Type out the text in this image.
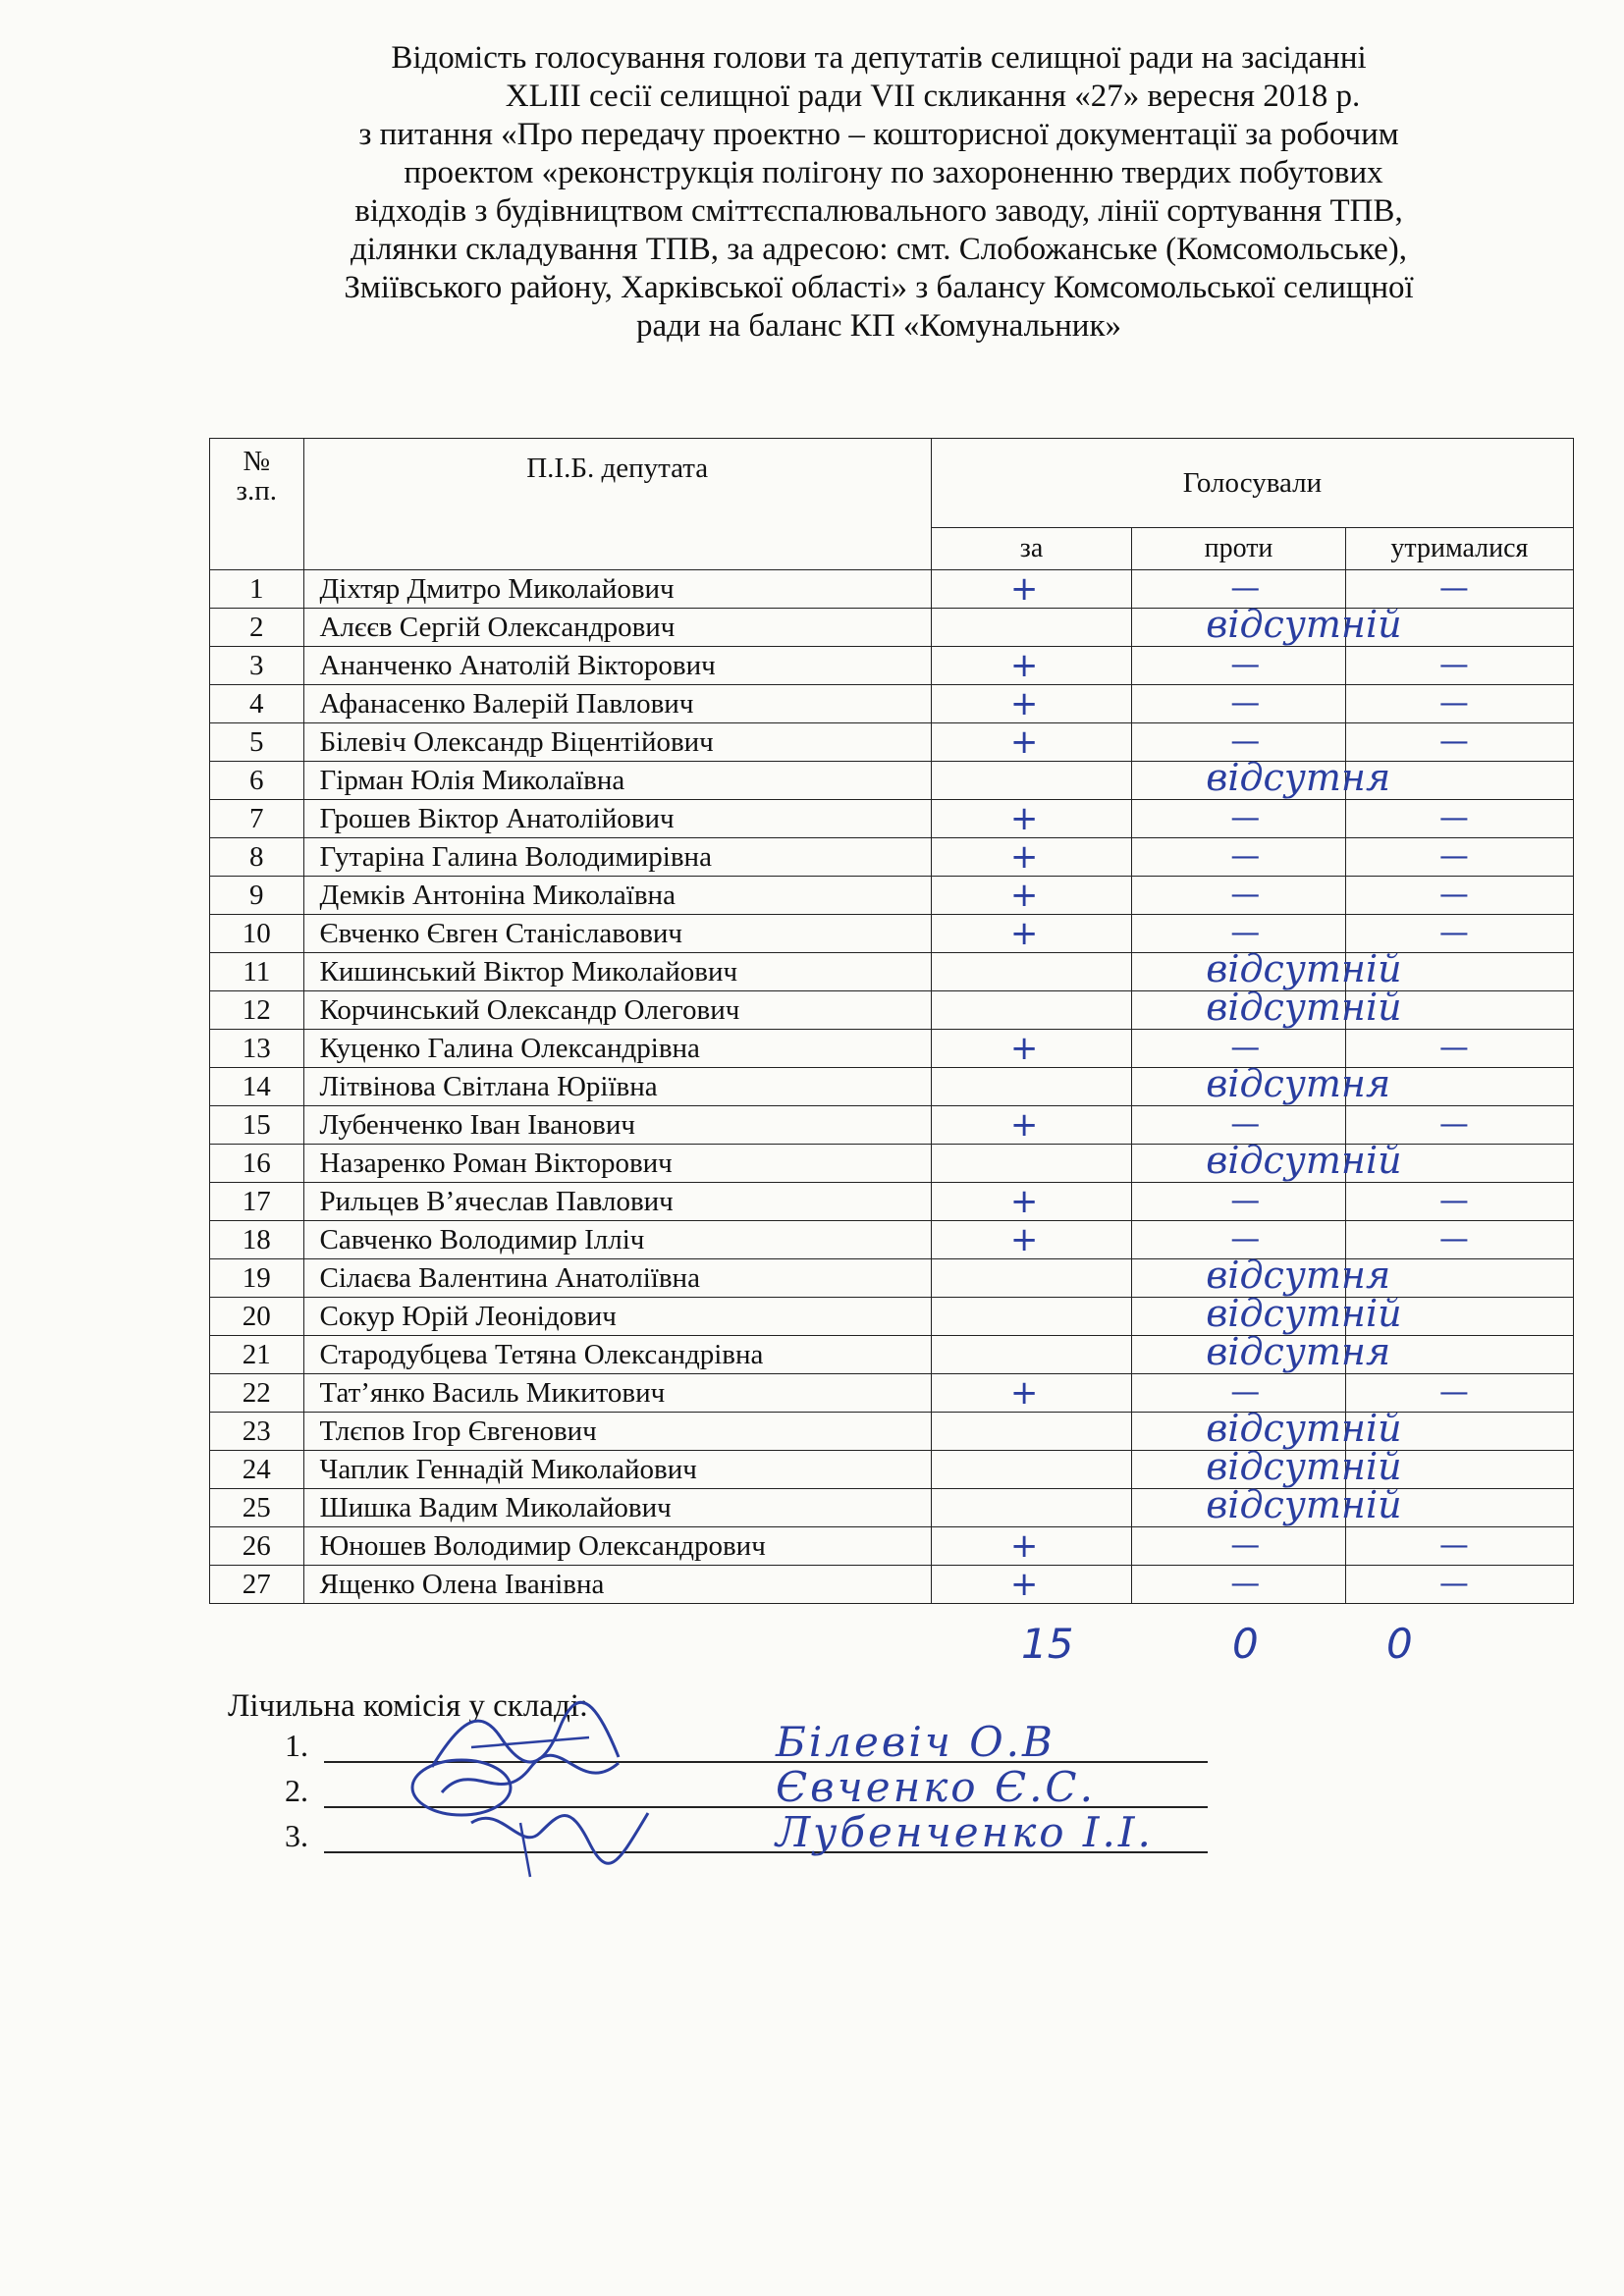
Відомість голосування голови та депутатів селищної ради на засіданні
XLIII сесії селищної ради VII скликання «27» вересня 2018 р.
з питання «Про передачу проектно – кошторисної документації за робочим
проектом «реконструкція полігону по захороненню твердих побутових
відходів з будівництвом сміттєспалювального заводу, лінії сортування ТПВ,
ділянки складування ТПВ, за адресою: смт. Слобожанське (Комсомольське),
Зміївського району, Харківської області» з балансу Комсомольської селищної
ради на баланс КП «Комунальник»
№
з.п.	П.І.Б. депутата	Голосували		
		за	проти	утрималися
1	Діхтяр Дмитро Миколайович	+	—	—

2	Алєєв Сергій Олександрович		відсутній	

3	Ананченко Анатолій Вікторович	+	—	—

4	Афанасенко Валерій Павлович	+	—	—

5	Білевіч Олександр Віцентійович	+	—	—

6	Гірман Юлія Миколаївна		відсутня	

7	Грошев Віктор Анатолійович	+	—	—

8	Гутаріна Галина Володимирівна	+	—	—

9	Демків Антоніна Миколаївна	+	—	—

10	Євченко Євген Станіславович	+	—	—

11	Кишинський Віктор Миколайович		відсутній	

12	Корчинський Олександр Олегович		відсутній	

13	Куценко Галина Олександрівна	+	—	—

14	Літвінова Світлана Юріївна		відсутня	

15	Лубенченко Іван Іванович	+	—	—

16	Назаренко Роман Вікторович		відсутній	

17	Рильцев В’ячеслав Павлович	+	—	—

18	Савченко Володимир Ілліч	+	—	—

19	Сілаєва Валентина Анатоліївна		відсутня	

20	Сокур Юрій Леонідович		відсутній	

21	Стародубцева Тетяна Олександрівна		відсутня	

22	Тат’янко Василь Микитович	+	—	—

23	Тлєпов Ігор Євгенович		відсутній	

24	Чаплик Геннадій Миколайович		відсутній	

25	Шишка Вадим Миколайович		відсутній	

26	Юношев Володимир Олександрович	+	—	—

27	Ященко Олена Іванівна	+	—	—
15	0	0
Лічильна комісія у складі:
1.	Білевіч О.В
2.	Євченко Є.С.
3.	Лубенченко І.І.
